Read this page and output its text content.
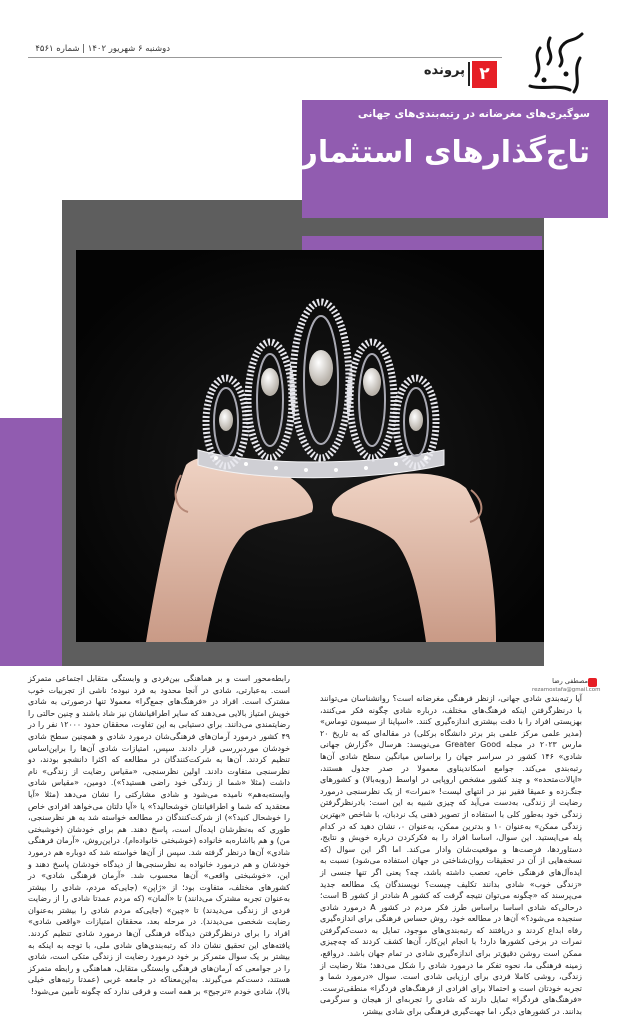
دوشنبه ۶ شهریور ۱۴۰۲ | شماره ۴۵۶۱
۲
پرونده
سوگیری‌های مغرضانه در رتبه‌بندی‌های جهانی
تاج‌گذارهای استثماری!
مصطفی رضا
rezamostafa@gmail.com
آیا رتبه‌بندی شادی جهانی، ازنظر فرهنگی مغرضانه است؟ روانشناسان می‌توانند با درنظرگرفتن اینکه فرهنگ‌های مختلف، درباره شادی چگونه فکر می‌کنند، بهزیستی افراد را با دقت بیشتری اندازه‌گیری کنند. «اسپاینا از سیسون توماس» (مدیر علمی مرکز علمی بتر برتر دانشگاه برکلی) در مقاله‌ای که به تاریخ ۲۰ مارس ۲۰۲۳ در مجله Greater Good می‌نویسد: هرسال «گزارش جهانی شادی» ۱۴۶ کشور در سراسر جهان را براساس میانگین سطح شادی آن‌ها رتبه‌بندی می‌کند. جوامع اسکاندیناوی معمولا در صدر جدول هستند، «ایالات‌متحده» و چند کشور مشخص اروپایی در اواسط (روبه‌بالا) و کشورهای جنگ‌زده و عمیقا فقیر نیز در انتهای لیست! «نمرات» از یک نظرسنجی درمورد رضایت از زندگی، به‌دست می‌آید که چیزی شبیه به این است: بادرنظرگرفتن زندگی خود به‌طور کلی با استفاده از تصویر ذهنی یک نردبان، با شاخص «بهترین زندگی ممکن» به‌عنوان ۱۰ و بدترین ممکن، به‌عنوان ۰، نشان دهید که در کدام پله می‌ایستید. این سوال، اساسا افراد را به فکرکردن درباره خویش و نتایج، دستاوردها، فرصت‌ها و موقعیت‌شان وادار می‌کند. اما اگر این سوال (که نسخه‌هایی از آن در تحقیقات روان‌شناختی در جهان استفاده می‌شود) نسبت به ایده‌آل‌های فرهنگی خاص، تعصب داشته باشد، چه؟ یعنی اگر تنها جنسی از «زندگی خوب» شادی بدانند تکلیف چیست؟ نویسندگان یک مطالعه جدید می‌پرسند که «چگونه می‌توان نتیجه گرفت که کشور A شادتر از کشور B است؛ درحالی‌که شادی اساسا براساس طرز فکر مردم در کشور A درمورد شادی سنجیده می‌شود؟» آن‌ها در مطالعه خود، روش حساس فرهنگی برای اندازه‌گیری رفاه ابداع کردند و دریافتند که رتبه‌بندی‌های موجود، تمایل به دست‌کم‌گرفتن نمرات در برخی کشورها دارد! با انجام این‌کار، آن‌ها کشف کردند که چه‌چیزی ممکن است روشن دقیق‌تر برای اندازه‌گیری شادی در تمام جهان باشد. درواقع، زمینه فرهنگی ما، نحوه تفکر ما درمورد شادی را شکل می‌دهد؛ مثلا رضایت از زندگی، روشی کاملا فردی برای ارزیابی شادی است. سوال «درمورد شما و تجربه خودتان است و احتمالا برای افرادی از فرهنگ‌های فردگرا» منطقی‌ترست. «فرهنگ‌های فردگرا» تمایل دارند که شادی را تجربه‌ای از هیجان و سرگرمی بدانند. در کشورهای دیگر، اما جهت‌گیری فرهنگی برای شادی بیشتر،
رابطه‌محور است و بر هماهنگی بین‌فردی و وابستگی متقابل اجتماعی متمرکز است. به‌عبارتی، شادی در آنجا محدود به فرد نبوده؛ ناشی از تجربیات خوب مشترک است. افراد در «فرهنگ‌های جمع‌گرا» معمولا تنها درصورتی به شادی خویش امتیاز بالایی می‌دهند که سایر اطرافیانشان نیز شاد باشند و چنین حالتی را رضایتمندی می‌دانند. برای دستیابی به این تفاوت، محققان حدود ۱۲۰۰۰ نفر را در ۴۹ کشور درمورد آرمان‌های فرهنگی‌شان درمورد شادی و همچنین سطح شادی خودشان مورد‌بررسی قرار دادند. سپس، امتیازات شادی آن‌ها را براین‌اساس تنظیم کردند. آن‌ها به شرکت‌کنندگان در مطالعه که اکثرا دانشجو بودند، دو نظرسنجی متفاوت دادند. اولین نظرسنجی، «مقیاس رضایت از زندگی» نام داشت (مثلا «شما از زندگی خود راضی هستید؟»). دومین، «مقیاس شادی وابسته‌به‌هم» نامیده می‌شود و شادی مشارکتی را نشان می‌دهد (مثلا «آیا معتقدید که شما و اطرافیانتان خوشحالید؟» یا «آیا دلتان می‌خواهد افرادی خاص را خوشحال کنید؟») از شرکت‌کنندگان در مطالعه خواسته شد به هر نظرسنجی، طوری که به‌نظرشان ایده‌آل است، پاسخ دهند. هم برای خودشان (خوشبختی من) و هم با‌اشاره‌به خانواده (خوشبختی خانواده‌ام). دراین‌روش، «آرمان فرهنگی شادی» آن‌ها درنظر گرفته شد. سپس از آن‌ها خواسته شد که دوباره هم درمورد خودشان و هم درمورد خانواده به نظرسنجی‌ها از دیدگاه خودشان پاسخ دهند و این، «خوشبختی واقعی» آن‌ها محسوب شد. «آرمان فرهنگی شادی» در کشورهای مختلف، متفاوت بود؛ از «ژاپن» (جایی‌که مردم، شادی را بیشتر به‌عنوان تجربه مشترک می‌دانند) تا «آلمان» (که مردم عمدتا شادی را از رضایت فردی از زندگی می‌دیدند) تا «چین» (جایی‌که مردم شادی را بیشتر به‌عنوان رضایت شخصی می‌دیدند). در مرحله بعد، محققان امتیازات «واقعی شادی» افراد را برای درنظرگرفتن دیدگاه فرهنگی آن‌ها درمورد شادی تنظیم کردند. یافته‌های این تحقیق نشان داد که رتبه‌بندی‌های شادی ملی، با توجه به اینکه به بیشتر بر یک سوال متمرکز بر خود درمورد رضایت از زندگی متکی است، شادی را در جوامعی که آرمان‌های فرهنگی وابستگی متقابل، هماهنگی و رابطه متمرکز هستند، دست‌کم می‌گیرند. به‌این‌معناکه در جامعه غربی (عمدتا رتبه‌های خیلی بالا)، شادی خودم «ترجیح» بر همه است و فرقی ندارد که چگونه تأمین می‌شود!
